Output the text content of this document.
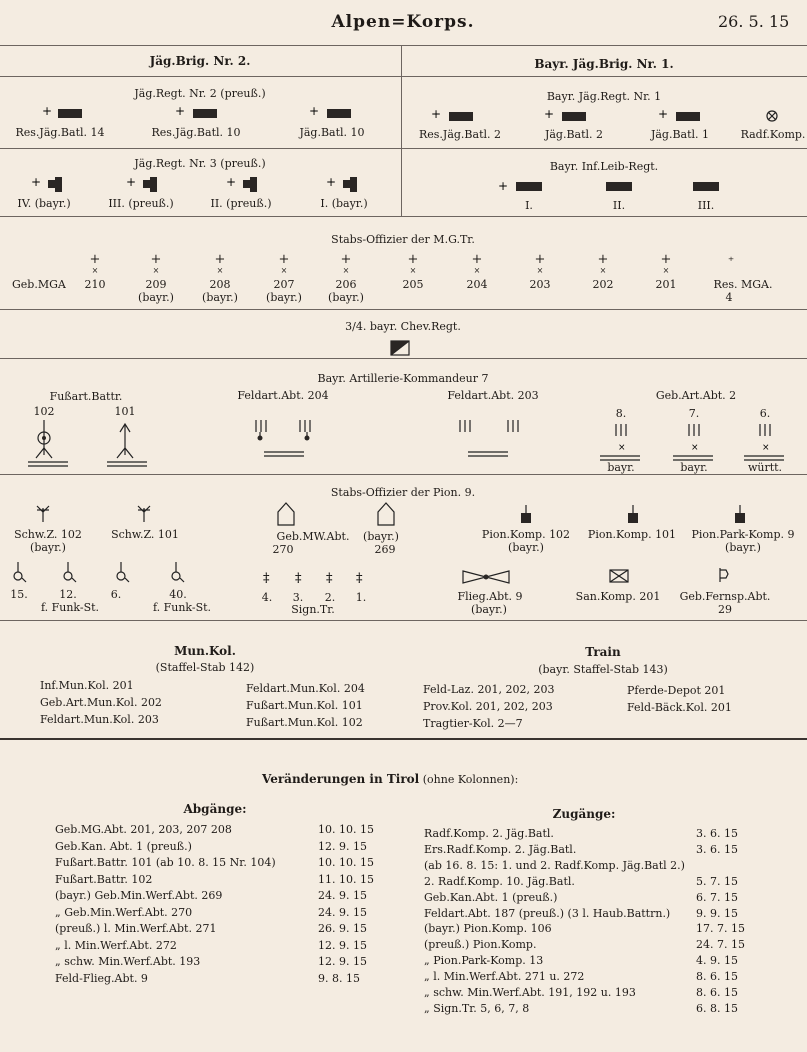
Alpen=Korps.	26. 5. 15
+	+	+	+	+	+
+	+	+	+	+
×	×	×
‡ ‡ ‡ ‡
Jäg.Brig. Nr. 2.
Jäg.Regt. Nr. 2 (preuß.)
Res.Jäg.Batl. 14	Res.Jäg.Batl. 10	Jäg.Batl. 10
Jäg.Regt. Nr. 3 (preuß.)
IV. (bayr.)	III. (preuß.)	II. (preuß.)	I. (bayr.)
Bayr. Jäg.Brig. Nr. 1.
Bayr. Jäg.Regt. Nr. 1
Res.Jäg.Batl. 2	Jäg.Batl. 2	Jäg.Batl. 1	Radf.Komp.
Bayr. Inf.Leib-Regt.
I.	II.	III.
Stabs-Offizier der M.G.Tr.
Geb.MGA
+
×
210
+
×
209
(bayr.)
+
×
208
(bayr.)
+
×
207
(bayr.)
+
×
206
(bayr.)
+
×
205
+
×
204
+
×
203
+
×
202
+
×
201
⁺
Res. MGA.
4
3/4. bayr. Chev.Regt.
Bayr. Artillerie-Kommandeur 7
Fußart.Battr.
102	101
Feldart.Abt. 204	Feldart.Abt. 203	Geb.Art.Abt. 2
8.	7.	6.
bayr.	bayr.	württ.
Stabs-Offizier der Pion. 9.
Schw.Z. 102
(bayr.)
Schw.Z. 101
15.	12.	6.	40.
f. Funk-St.	f. Funk-St.
Geb.MW.Abt.
270
(bayr.)
269
4. 3. 2. 1.
Sign.Tr.
Pion.Komp. 102
(bayr.)
Pion.Komp. 101 Pion.Park-Komp. 9
(bayr.)
Flieg.Abt. 9
(bayr.)
San.Komp. 201 Geb.Fernsp.Abt.
29
Mun.Kol.
(Staffel-Stab 142)
Inf.Mun.Kol. 201
Geb.Art.Mun.Kol. 202
Feldart.Mun.Kol. 203
Feldart.Mun.Kol. 204
Fußart.Mun.Kol. 101
Fußart.Mun.Kol. 102
Train
(bayr. Staffel-Stab 143)
Feld-Laz. 201, 202, 203
Prov.Kol. 201, 202, 203
Tragtier-Kol. 2—7
Pferde-Depot 201
Feld-Bäck.Kol. 201
Veränderungen in Tirol (ohne Kolonnen):
Abgänge:	Zugänge:
Geb.MG.Abt. 201, 203, 207 208	10. 10. 15
Geb.Kan. Abt. 1 (preuß.)	12. 9. 15
Fußart.Battr. 101 (ab 10. 8. 15 Nr. 104)	10. 10. 15
Fußart.Battr. 102	11. 10. 15
(bayr.) Geb.Min.Werf.Abt. 269	24. 9. 15
„ Geb.Min.Werf.Abt. 270	24. 9. 15
(preuß.) l. Min.Werf.Abt. 271	26. 9. 15
„ l. Min.Werf.Abt. 272	12. 9. 15
„ schw. Min.Werf.Abt. 193	12. 9. 15
Feld-Flieg.Abt. 9	9. 8. 15
Radf.Komp. 2. Jäg.Batl.	3. 6. 15
Ers.Radf.Komp. 2. Jäg.Batl.	3. 6. 15
(ab 16. 8. 15: 1. und 2. Radf.Komp. Jäg.Batl 2.)
2. Radf.Komp. 10. Jäg.Batl.	5. 7. 15
Geb.Kan.Abt. 1 (preuß.)	6. 7. 15
Feldart.Abt. 187 (preuß.) (3 l. Haub.Battrn.) 9. 9. 15
(bayr.) Pion.Komp. 106	17. 7. 15
(preuß.) Pion.Komp.	24. 7. 15
„ Pion.Park-Komp. 13	4. 9. 15
„ l. Min.Werf.Abt. 271 u. 272	8. 6. 15
„ schw. Min.Werf.Abt. 191, 192 u. 193	8. 6. 15
„ Sign.Tr. 5, 6, 7, 8	6. 8. 15
